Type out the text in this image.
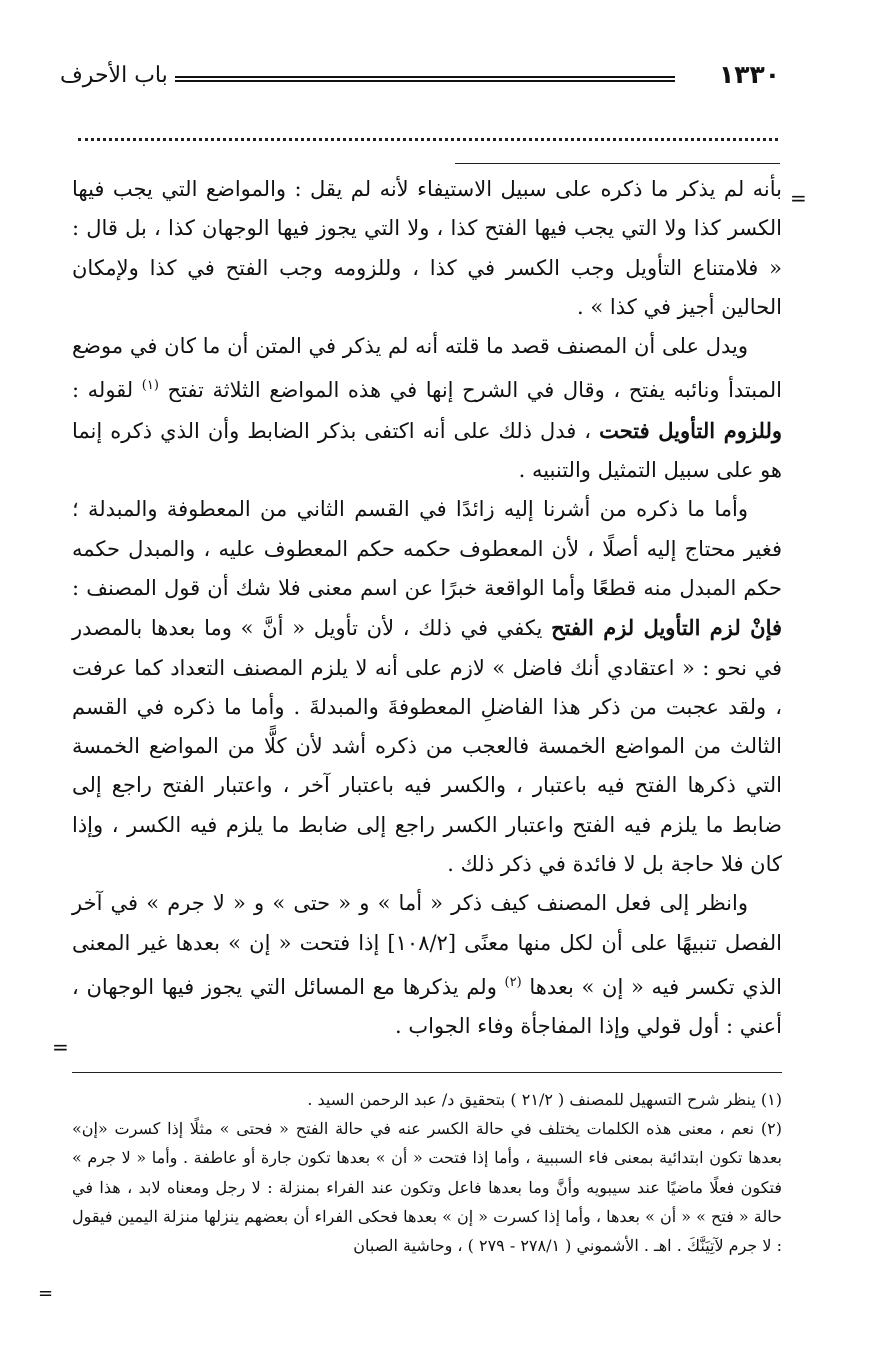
١٣٣٠
باب الأحرف
=

بأنه لم يذكر ما ذكره على سبيل الاستيفاء لأنه لم يقل : والمواضع التي يجب فيها الكسر كذا ولا التي يجب فيها الفتح كذا ، ولا التي يجوز فيها الوجهان كذا ، بل قال : « فلامتناع التأويل وجب الكسر في كذا ، وللزومه وجب الفتح في كذا ولإمكان الحالين أجيز في كذا » .

ويدل على أن المصنف قصد ما قلته أنه لم يذكر في المتن أن ما كان في موضع المبتدأ ونائبه يفتح ، وقال في الشرح إنها في هذه المواضع الثلاثة تفتح $^{(١)}$ لقوله : وللزوم التأويل فتحت ، فدل ذلك على أنه اكتفى بذكر الضابط وأن الذي ذكره إنما هو على سبيل التمثيل والتنبيه .

وأما ما ذكره من أشرنا إليه زائدًا في القسم الثاني من المعطوفة والمبدلة ؛ فغير محتاج إليه أصلًا ، لأن المعطوف حكمه حكم المعطوف عليه ، والمبدل حكمه حكم المبدل منه قطعًا وأما الواقعة خبرًا عن اسم معنى فلا شك أن قول المصنف : فإنْ لزم التأويل لزم الفتح يكفي في ذلك ، لأن تأويل « أنَّ » وما بعدها بالمصدر في نحو : « اعتقادي أنك فاضل » لازم على أنه لا يلزم المصنف التعداد كما عرفت ، ولقد عجبت من ذكر هذا الفاضلِ المعطوفةَ والمبدلةَ . وأما ما ذكره في القسم الثالث من المواضع الخمسة فالعجب من ذكره أشد لأن كلًّا من المواضع الخمسة التي ذكرها الفتح فيه باعتبار ، والكسر فيه باعتبار آخر ، واعتبار الفتح راجع إلى ضابط ما يلزم فيه الفتح واعتبار الكسر راجع إلى ضابط ما يلزم فيه الكسر ، وإذا كان فلا حاجة بل لا فائدة في ذكر ذلك .

وانظر إلى فعل المصنف كيف ذكر « أما » و « حتى » و « لا جرم » في آخر الفصل تنبيهًا على أن لكل منها معنًى [١٠٨/٢] إذا فتحت « إن » بعدها غير المعنى الذي تكسر فيه « إن » بعدها $^{(٢)}$ ولم يذكرها مع المسائل التي يجوز فيها الوجهان ، أعني : أول قولي وإذا المفاجأة وفاء الجواب .

=

(١) ينظر شرح التسهيل للمصنف ( ٢١/٢ ) بتحقيق د/ عبد الرحمن السيد .

(٢) نعم ، معنى هذه الكلمات يختلف في حالة الكسر عنه في حالة الفتح « فحتى » مثلًا إذا كسرت «إن» بعدها تكون ابتدائية بمعنى فاء السببية ، وأما إذا فتحت « أن » بعدها تكون جارة أو عاطفة . وأما « لا جرم » فتكون فعلًا ماضيًا عند سيبويه وأنَّ وما بعدها فاعل وتكون عند الفراء بمنزلة : لا رجل ومعناه لابد ، هذا في حالة « فتح » « أن » بعدها ، وأما إذا كسرت « إن » بعدها فحكى الفراء أن بعضهم ينزلها منزلة اليمين فيقول : لا جرم لآتِيَنَّكَ . اهـ . الأشموني ( ٢٧٨/١ - ٢٧٩ ) ، وحاشية الصبان

=
